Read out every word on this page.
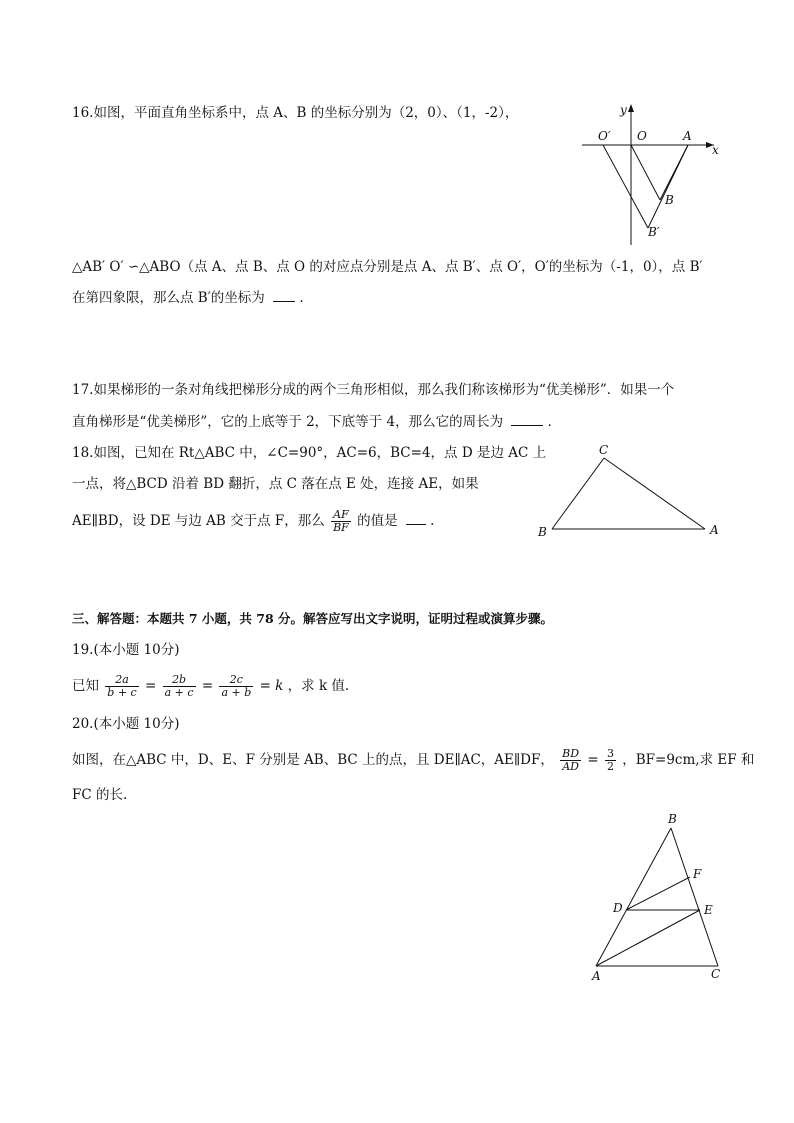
16.如图，平面直角坐标系中，点 A、B 的坐标分别为（2，0）、（1，-2），	y
x
O′ O	A
B
B′
△AB′ O′ ∽△ABO（点 A、点 B、点 O 的对应点分别是点 A、点 B′、点 O′，O′的坐标为（-1，0），点 B′
在第四象限，那么点 B′的坐标为	.
17.如果梯形的一条对角线把梯形分成的两个三角形相似，那么我们称该梯形为“优美梯形”．如果一个
直角梯形是“优美梯形”，它的上底等于 2，下底等于 4，那么它的周长为	．
18.如图，已知在 Rt△ABC 中，∠C=90°，AC=6，BC=4，点 D 是边 AC 上
一点，将△BCD 沿着 BD 翻折，点 C 落在点 E 处，连接 AE，如果
AE∥BD，设 DE 与边 AB 交于点 F，那么 $\frac{AF}{BF}$ 的值是 .
C
B	A
三、解答题：本题共 7 小题，共 78 分。解答应写出文字说明，证明过程或演算步骤。
19.(本小题 10分)
已知 $\frac{2a}{b + c} = \frac{2b}{a + c} = \frac{2c}{a + b} = k$ ，求 k 值.
20.(本小题 10分)
如图，在△ABC 中，D、E、F 分别是 AB、BC 上的点，且 DE∥AC，AE∥DF， $\frac{BD}{AD} = \frac{3}{2}$ ，BF=9cm,求 EF 和
FC 的长.
B
F
D	E
A	C
